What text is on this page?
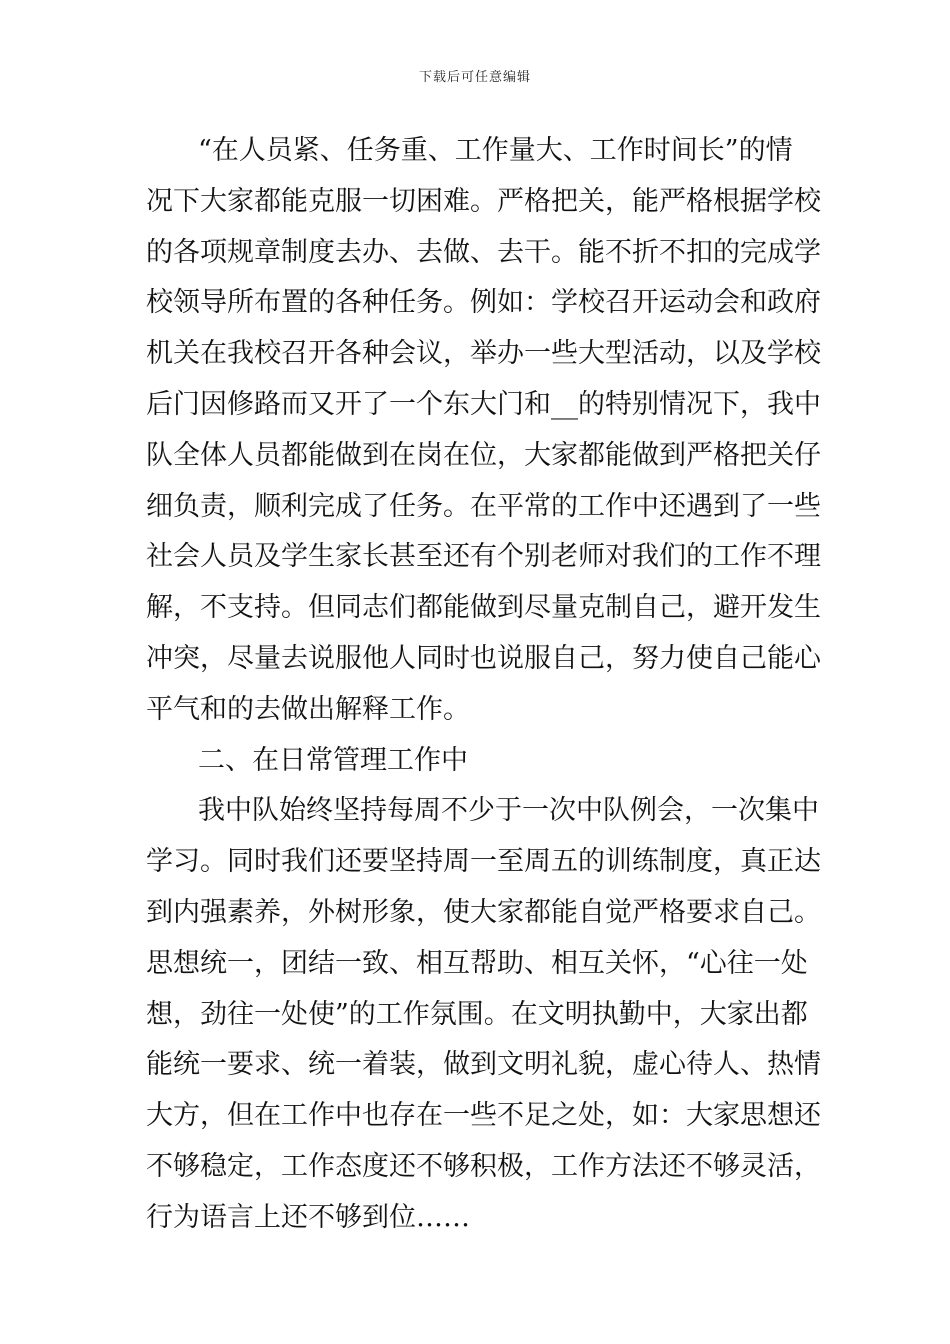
下载后可任意编辑
“在人员紧、任务重、工作量大、工作时间长”的情
况下大家都能克服一切困难。严格把关，能严格根据学校
的各项规章制度去办、去做、去干。能不折不扣的完成学
校领导所布置的各种任务。例如：学校召开运动会和政府
机关在我校召开各种会议，举办一些大型活动，以及学校
后门因修路而又开了一个东大门和__的特别情况下，我中
队全体人员都能做到在岗在位，大家都能做到严格把关仔
细负责，顺利完成了任务。在平常的工作中还遇到了一些
社会人员及学生家长甚至还有个别老师对我们的工作不理
解，不支持。但同志们都能做到尽量克制自己，避开发生
冲突，尽量去说服他人同时也说服自己，努力使自己能心
平气和的去做出解释工作。
二、在日常管理工作中
我中队始终坚持每周不少于一次中队例会，一次集中
学习。同时我们还要坚持周一至周五的训练制度，真正达
到内强素养，外树形象，使大家都能自觉严格要求自己。
思想统一，团结一致、相互帮助、相互关怀，“心往一处
想，劲往一处使”的工作氛围。在文明执勤中，大家出都
能统一要求、统一着装，做到文明礼貌，虚心待人、热情
大方，但在工作中也存在一些不足之处，如：大家思想还
不够稳定，工作态度还不够积极，工作方法还不够灵活，
行为语言上还不够到位……
